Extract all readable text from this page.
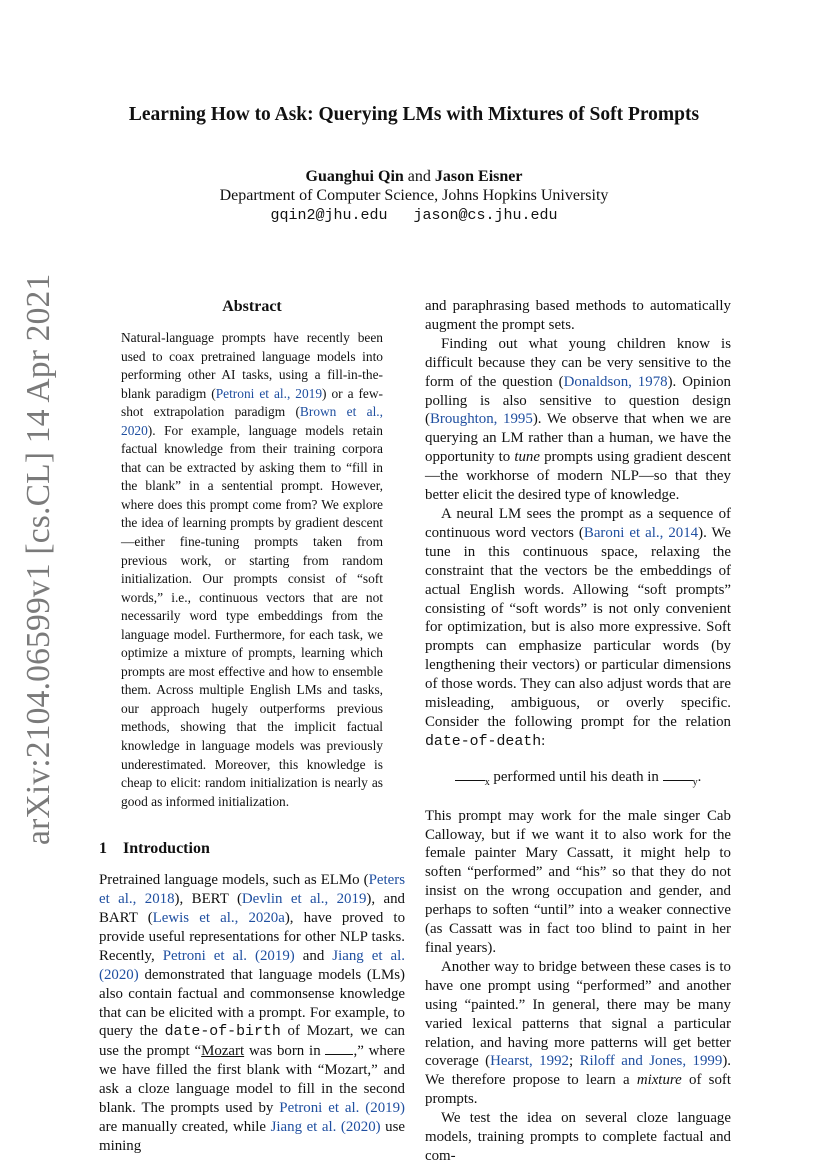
arXiv:2104.06599v1 [cs.CL] 14 Apr 2021
Learning How to Ask: Querying LMs with Mixtures of Soft Prompts
Guanghui Qin and Jason Eisner
Department of Computer Science, Johns Hopkins University
gqin2@jhu.edu jason@cs.jhu.edu
Abstract

Natural-language prompts have recently been used to coax pretrained language models into performing other AI tasks, using a fill-in-the-blank paradigm (Petroni et al., 2019) or a few-shot extrapolation paradigm (Brown et al., 2020). For example, language models retain factual knowledge from their training corpora that can be extracted by asking them to “fill in the blank” in a sentential prompt. However, where does this prompt come from? We explore the idea of learning prompts by gradient descent—either fine-tuning prompts taken from previous work, or starting from random initialization. Our prompts consist of “soft words,” i.e., continuous vectors that are not necessarily word type embeddings from the language model. Furthermore, for each task, we optimize a mixture of prompts, learning which prompts are most effective and how to ensemble them. Across multiple English LMs and tasks, our approach hugely outperforms previous methods, showing that the implicit factual knowledge in language models was previously underestimated. Moreover, this knowledge is cheap to elicit: random initialization is nearly as good as informed initialization.

1 Introduction

Pretrained language models, such as ELMo (Peters et al., 2018), BERT (Devlin et al., 2019), and BART (Lewis et al., 2020a), have proved to provide useful representations for other NLP tasks. Recently, Petroni et al. (2019) and Jiang et al. (2020) demonstrated that language models (LMs) also contain factual and commonsense knowledge that can be elicited with a prompt. For example, to query the date-of-birth of Mozart, we can use the prompt “Mozart was born in ,” where we have filled the first blank with “Mozart,” and ask a cloze language model to fill in the second blank. The prompts used by Petroni et al. (2019) are manually created, while Jiang et al. (2020) use mining

and paraphrasing based methods to automatically augment the prompt sets.

Finding out what young children know is difficult because they can be very sensitive to the form of the question (Donaldson, 1978). Opinion polling is also sensitive to question design (Broughton, 1995). We observe that when we are querying an LM rather than a human, we have the opportunity to tune prompts using gradient descent—the workhorse of modern NLP—so that they better elicit the desired type of knowledge.

A neural LM sees the prompt as a sequence of continuous word vectors (Baroni et al., 2014). We tune in this continuous space, relaxing the constraint that the vectors be the embeddings of actual English words. Allowing “soft prompts” consisting of “soft words” is not only convenient for optimization, but is also more expressive. Soft prompts can emphasize particular words (by lengthening their vectors) or particular dimensions of those words. They can also adjust words that are misleading, ambiguous, or overly specific. Consider the following prompt for the relation date-of-death:

$_x$ performed until his death in	$_y$.

This prompt may work for the male singer Cab Calloway, but if we want it to also work for the female painter Mary Cassatt, it might help to soften “performed” and “his” so that they do not insist on the wrong occupation and gender, and perhaps to soften “until” into a weaker connective (as Cassatt was in fact too blind to paint in her final years).

Another way to bridge between these cases is to have one prompt using “performed” and another using “painted.” In general, there may be many varied lexical patterns that signal a particular relation, and having more patterns will get better coverage (Hearst, 1992; Riloff and Jones, 1999). We therefore propose to learn a mixture of soft prompts.

We test the idea on several cloze language models, training prompts to complete factual and com-
